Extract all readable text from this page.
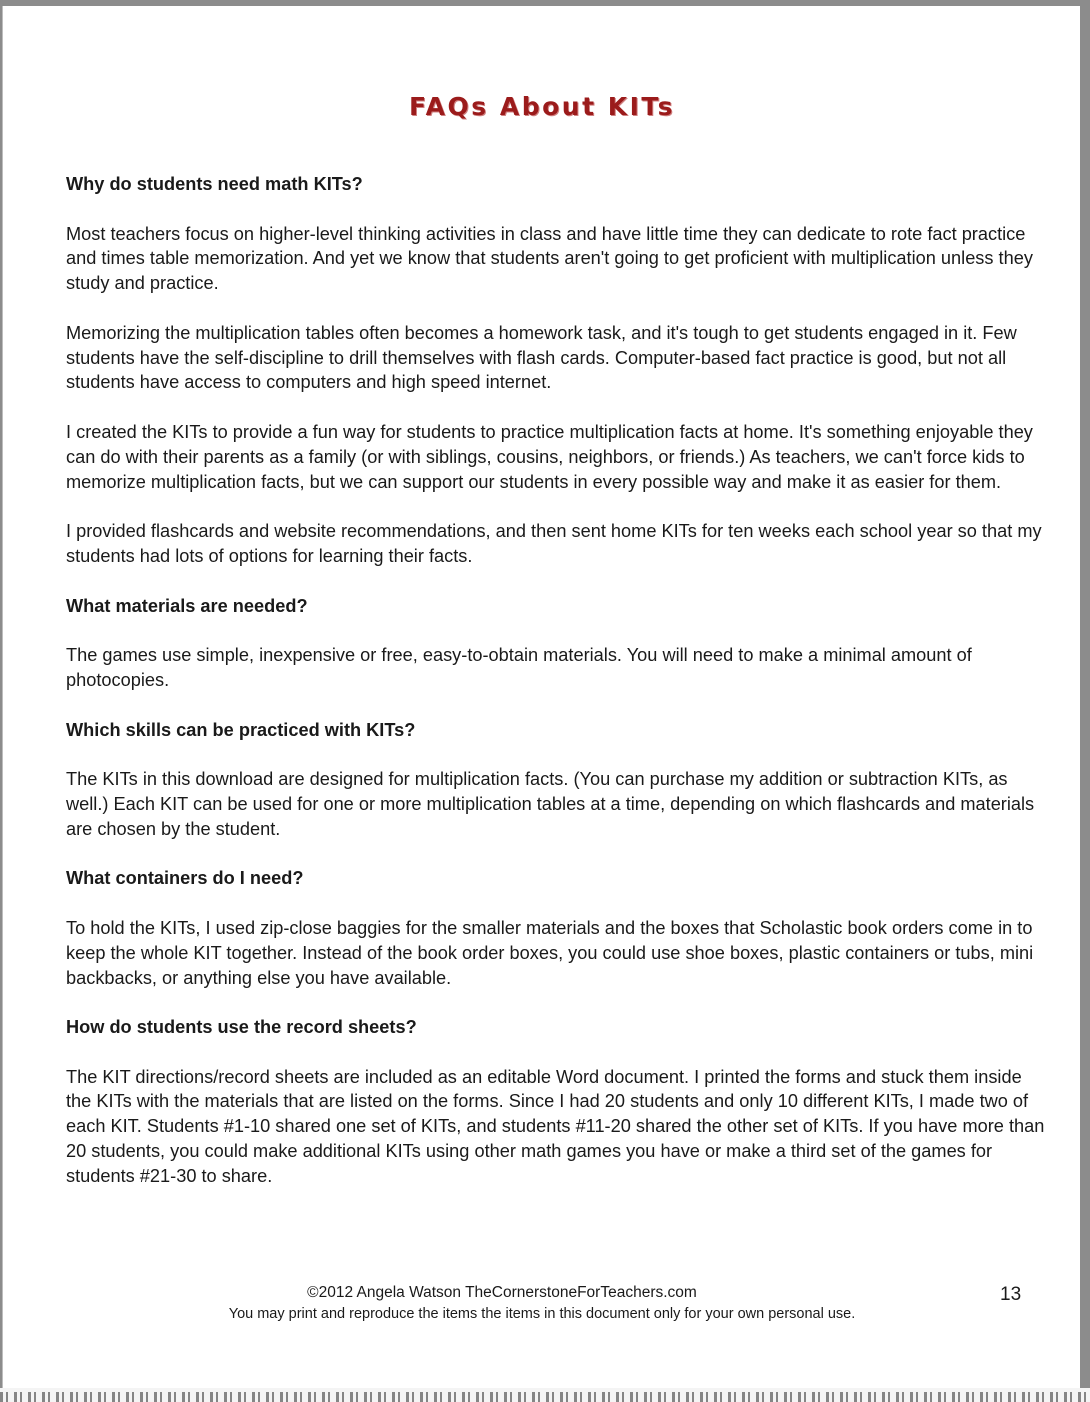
FAQs About KITs
Why do students need math KITs?
Most teachers focus on higher-level thinking activities in class and have little time they can dedicate to rote fact practice and times table memorization. And yet we know that students aren't going to get proficient with multiplication unless they study and practice.
Memorizing the multiplication tables often becomes a homework task, and it's tough to get students engaged in it. Few students have the self-discipline to drill themselves with flash cards. Computer-based fact practice is good, but not all students have access to computers and high speed internet.
I created the KITs to provide a fun way for students to practice multiplication facts at home. It's something enjoyable they can do with their parents as a family (or with siblings, cousins, neighbors, or friends.) As teachers, we can't force kids to memorize multiplication facts, but we can support our students in every possible way and make it as easier for them.
I provided flashcards and website recommendations, and then sent home KITs for ten weeks each school year so that my students had lots of options for learning their facts.
What materials are needed?
The games use simple, inexpensive or free, easy-to-obtain materials. You will need to make a minimal amount of photocopies.
Which skills can be practiced with KITs?
The KITs in this download are designed for multiplication facts. (You can purchase my addition or subtraction KITs, as well.) Each KIT can be used for one or more multiplication tables at a time, depending on which flashcards and materials are chosen by the student.
What containers do I need?
To hold the KITs, I used zip-close baggies for the smaller materials and the boxes that Scholastic book orders come in to keep the whole KIT together. Instead of the book order boxes, you could use shoe boxes, plastic containers or tubs, mini backbacks, or anything else you have available.
How do students use the record sheets?
The KIT directions/record sheets are included as an editable Word document. I printed the forms and stuck them inside the KITs with the materials that are listed on the forms. Since I had 20 students and only 10 different KITs, I made two of each KIT. Students #1-10 shared one set of KITs, and students #11-20 shared the other set of KITs. If you have more than 20 students, you could make additional KITs using other math games you have or make a third set of the games for students #21-30 to share.
©2012 Angela Watson TheCornerstoneForTeachers.com
You may print and reproduce the items the items in this document only for your own personal use.
13
